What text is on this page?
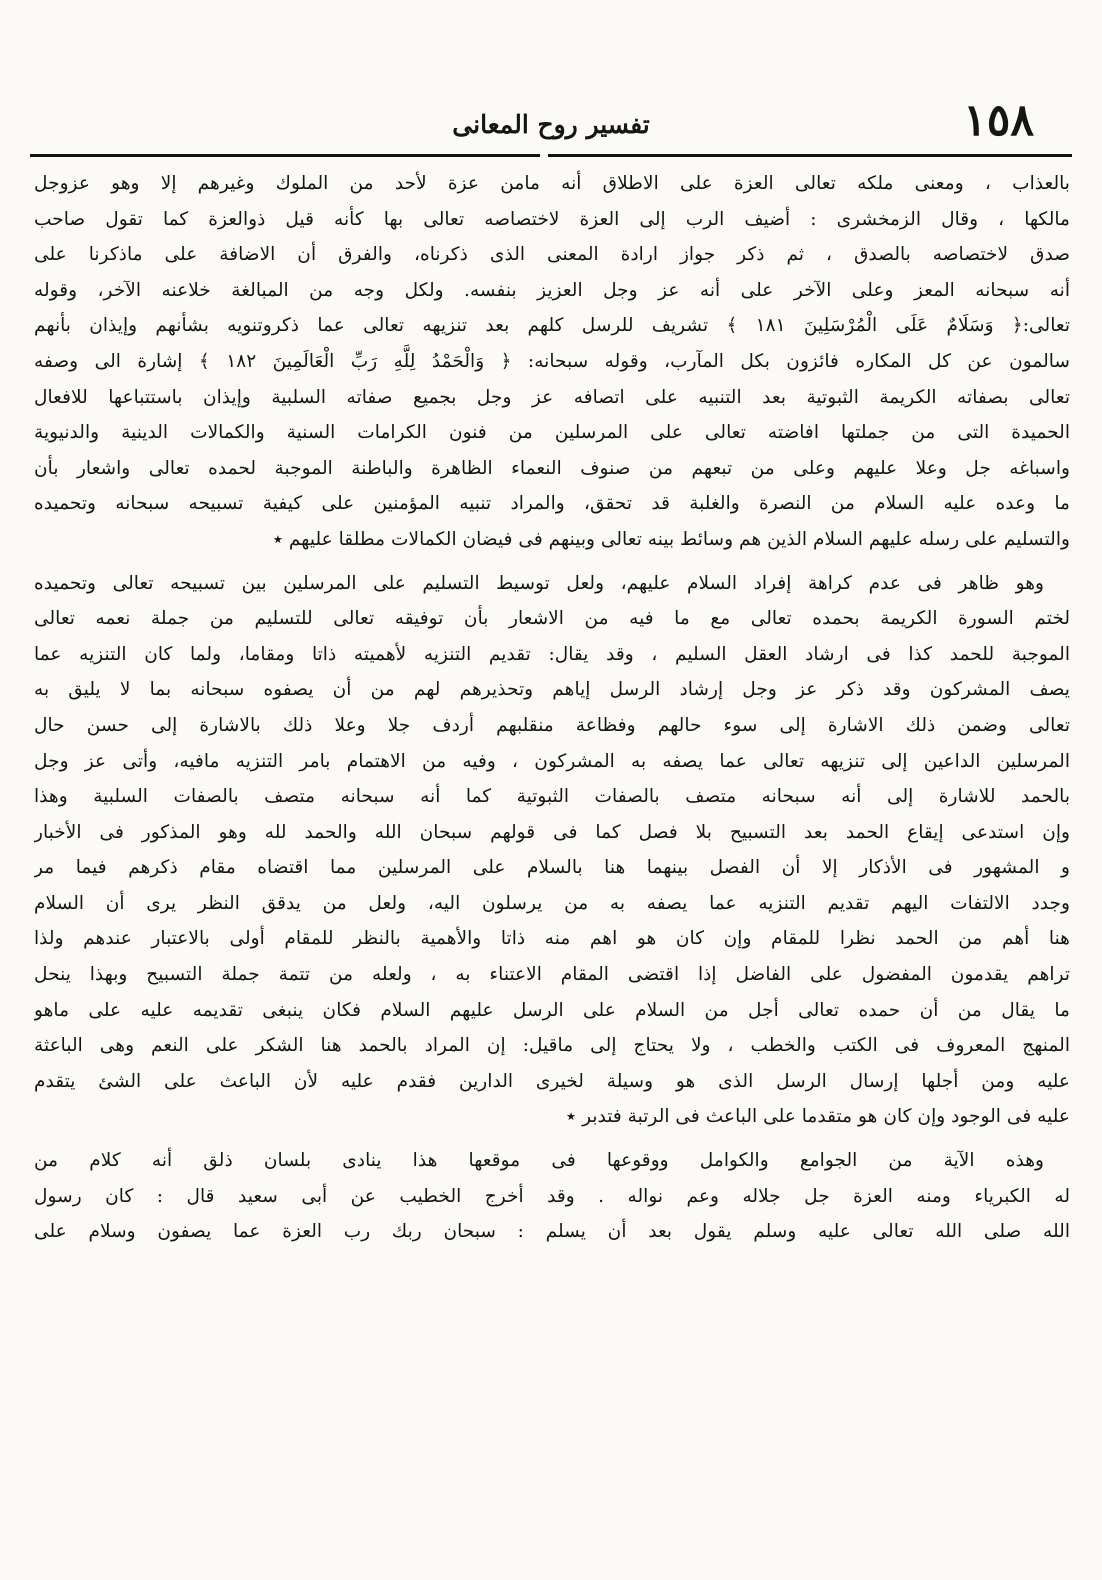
١٥٨
تفسير روح المعانى
بالعذاب ، ومعنى ملكه تعالى العزة على الاطلاق أنه مامن عزة لأحد من الملوك وغيرهم إلا وهو عزوجل
مالكها ، وقال الزمخشرى : أضيف الرب إلى العزة لاختصاصه تعالى بها كأنه قيل ذوالعزة كما تقول صاحب
صدق لاختصاصه بالصدق ، ثم ذكر جواز ارادة المعنى الذى ذكرناه، والفرق أن الاضافة على ماذكرنا على
أنه سبحانه المعز وعلى الآخر على أنه عز وجل العزيز بنفسه. ولكل وجه من المبالغة خلاعنه الآخر، وقوله
تعالى:﴿ وَسَلَامٌ عَلَى الْمُرْسَلِينَ ١٨١ ﴾ تشريف للرسل كلهم بعد تنزيهه تعالى عما ذكروتنويه بشأنهم وإيذان بأنهم
سالمون عن كل المكاره فائزون بكل المآرب، وقوله سبحانه: ﴿ وَالْحَمْدُ لِلَّهِ رَبِّ الْعَالَمِينَ ١٨٢ ﴾ إشارة الى وصفه
تعالى بصفاته الكريمة الثبوتية بعد التنبيه على اتصافه عز وجل بجميع صفاته السلبية وإيذان باستتباعها للافعال
الحميدة التى من جملتها افاضته تعالى على المرسلين من فنون الكرامات السنية والكمالات الدينية والدنيوية
واسباغه جل وعلا عليهم وعلى من تبعهم من صنوف النعماء الظاهرة والباطنة الموجبة لحمده تعالى واشعار بأن
ما وعده عليه السلام من النصرة والغلبة قد تحقق، والمراد تنبيه المؤمنين على كيفية تسبيحه سبحانه وتحميده
والتسليم على رسله عليهم السلام الذين هم وسائط بينه تعالى وبينهم فى فيضان الكمالات مطلقا عليهم ٭
وهو ظاهر فى عدم كراهة إفراد السلام عليهم، ولعل توسيط التسليم على المرسلين بين تسبيحه تعالى وتحميده
لختم السورة الكريمة بحمده تعالى مع ما فيه من الاشعار بأن توفيقه تعالى للتسليم من جملة نعمه تعالى
الموجبة للحمد كذا فى ارشاد العقل السليم ، وقد يقال: تقديم التنزيه لأهميته ذاتا ومقاما، ولما كان التنزيه عما
يصف المشركون وقد ذكر عز وجل إرشاد الرسل إياهم وتحذيرهم لهم من أن يصفوه سبحانه بما لا يليق به
تعالى وضمن ذلك الاشارة إلى سوء حالهم وفظاعة منقلبهم أردف جلا وعلا ذلك بالاشارة إلى حسن حال
المرسلين الداعين إلى تنزيهه تعالى عما يصفه به المشركون ، وفيه من الاهتمام بامر التنزيه مافيه، وأتى عز وجل
بالحمد للاشارة إلى أنه سبحانه متصف بالصفات الثبوتية كما أنه سبحانه متصف بالصفات السلبية وهذا
وإن استدعى إيقاع الحمد بعد التسبيح بلا فصل كما فى قولهم سبحان الله والحمد لله وهو المذكور فى الأخبار
و المشهور فى الأذكار إلا أن الفصل بينهما هنا بالسلام على المرسلين مما اقتضاه مقام ذكرهم فيما مر
وجدد الالتفات اليهم تقديم التنزيه عما يصفه به من يرسلون اليه، ولعل من يدقق النظر يرى أن السلام
هنا أهم من الحمد نظرا للمقام وإن كان هو اهم منه ذاتا والأهمية بالنظر للمقام أولى بالاعتبار عندهم ولذا
تراهم يقدمون المفضول على الفاضل إذا اقتضى المقام الاعتناء به ، ولعله من تتمة جملة التسبيح وبهذا ينحل
ما يقال من أن حمده تعالى أجل من السلام على الرسل عليهم السلام فكان ينبغى تقديمه عليه على ماهو
المنهج المعروف فى الكتب والخطب ، ولا يحتاج إلى ماقيل: إن المراد بالحمد هنا الشكر على النعم وهى الباعثة
عليه ومن أجلها إرسال الرسل الذى هو وسيلة لخيرى الدارين فقدم عليه لأن الباعث على الشئ يتقدم
عليه فى الوجود وإن كان هو متقدما على الباعث فى الرتبة فتدبر ٭
وهذه الآية من الجوامع والكوامل ووقوعها فى موقعها هذا ينادى بلسان ذلق أنه كلام من
له الكبرياء ومنه العزة جل جلاله وعم نواله . وقد أخرج الخطيب عن أبى سعيد قال : كان رسول
الله صلى الله تعالى عليه وسلم يقول بعد أن يسلم : سبحان ربك رب العزة عما يصفون وسلام على
